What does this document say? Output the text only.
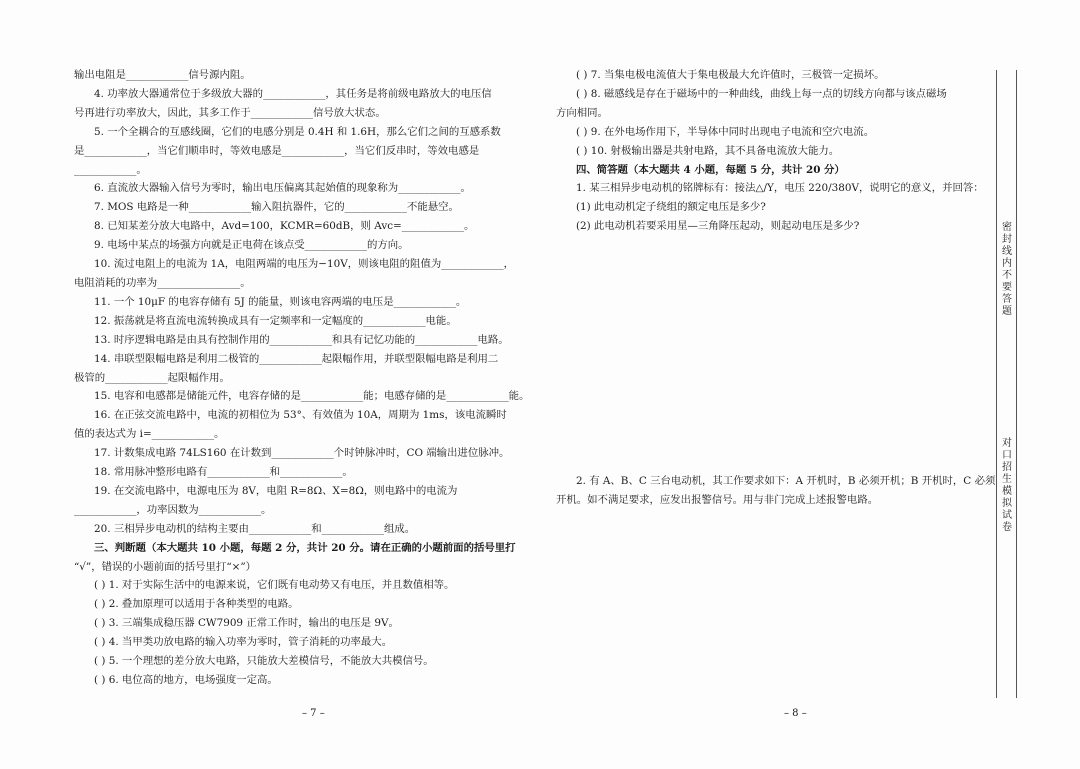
输出电阻是____________信号源内阻。

4. 功率放大器通常位于多级放大器的____________，其任务是将前级电路放大的电压信

号再进行功率放大，因此，其多工作于____________信号放大状态。

5. 一个全耦合的互感线圈，它们的电感分别是 0.4H 和 1.6H，那么它们之间的互感系数

是____________，当它们顺串时，等效电感是____________，当它们反串时，等效电感是

____________。

6. 直流放大器输入信号为零时，输出电压偏离其起始值的现象称为____________。

7. MOS 电路是一种____________输入阻抗器件，它的____________不能悬空。

8. 已知某差分放大电路中，Avd=100，KCMR=60dB，则 Avc=____________。

9. 电场中某点的场强方向就是正电荷在该点受____________的方向。

10. 流过电阻上的电流为 1A，电阻两端的电压为−10V，则该电阻的阻值为____________，

电阻消耗的功率为________________。

11. 一个 10μF 的电容存储有 5J 的能量，则该电容两端的电压是____________。

12. 振荡就是将直流电流转换成具有一定频率和一定幅度的____________电能。

13. 时序逻辑电路是由具有控制作用的____________和具有记忆功能的____________电路。

14. 串联型限幅电路是利用二极管的____________起限幅作用，并联型限幅电路是利用二

极管的____________起限幅作用。

15. 电容和电感都是储能元件，电容存储的是____________能；电感存储的是____________能。

16. 在正弦交流电路中，电流的初相位为 53°、有效值为 10A，周期为 1ms，该电流瞬时

值的表达式为 i=____________。

17. 计数集成电路 74LS160 在计数到____________个时钟脉冲时，CO 端输出进位脉冲。

18. 常用脉冲整形电路有____________和____________。

19. 在交流电路中，电源电压为 8V，电阻 R=8Ω、X=8Ω，则电路中的电流为

____________，功率因数为____________。

20. 三相异步电动机的结构主要由____________和____________组成。

三、判断题（本大题共 10 小题，每题 2 分，共计 20 分。请在正确的小题前面的括号里打

“√”，错误的小题前面的括号里打“×”）

( ) 1. 对于实际生活中的电源来说，它们既有电动势又有电压，并且数值相等。

( ) 2. 叠加原理可以适用于各种类型的电路。

( ) 3. 三端集成稳压器 CW7909 正常工作时，输出的电压是 9V。

( ) 4. 当甲类功放电路的输入功率为零时，管子消耗的功率最大。

( ) 5. 一个理想的差分放大电路，只能放大差模信号，不能放大共模信号。

( ) 6. 电位高的地方，电场强度一定高。

( ) 7. 当集电极电流值大于集电极最大允许值时，三极管一定损坏。

( ) 8. 磁感线是存在于磁场中的一种曲线，曲线上每一点的切线方向都与该点磁场

方向相同。

( ) 9. 在外电场作用下，半导体中同时出现电子电流和空穴电流。

( ) 10. 射极输出器是共射电路，其不具备电流放大能力。

四、简答题（本大题共 4 小题，每题 5 分，共计 20 分）

1. 某三相异步电动机的铭牌标有：接法△/Y，电压 220/380V，说明它的意义，并回答：

(1) 此电动机定子绕组的额定电压是多少?

(2) 此电动机若要采用星—三角降压起动，则起动电压是多少?

2. 有 A、B、C 三台电动机，其工作要求如下：A 开机时，B 必须开机；B 开机时，C 必须

开机。如不满足要求，应发出报警信号。用与非门完成上述报警电路。

– 7 –	– 8 –
密封线内不要答题
对口招生模拟试卷
